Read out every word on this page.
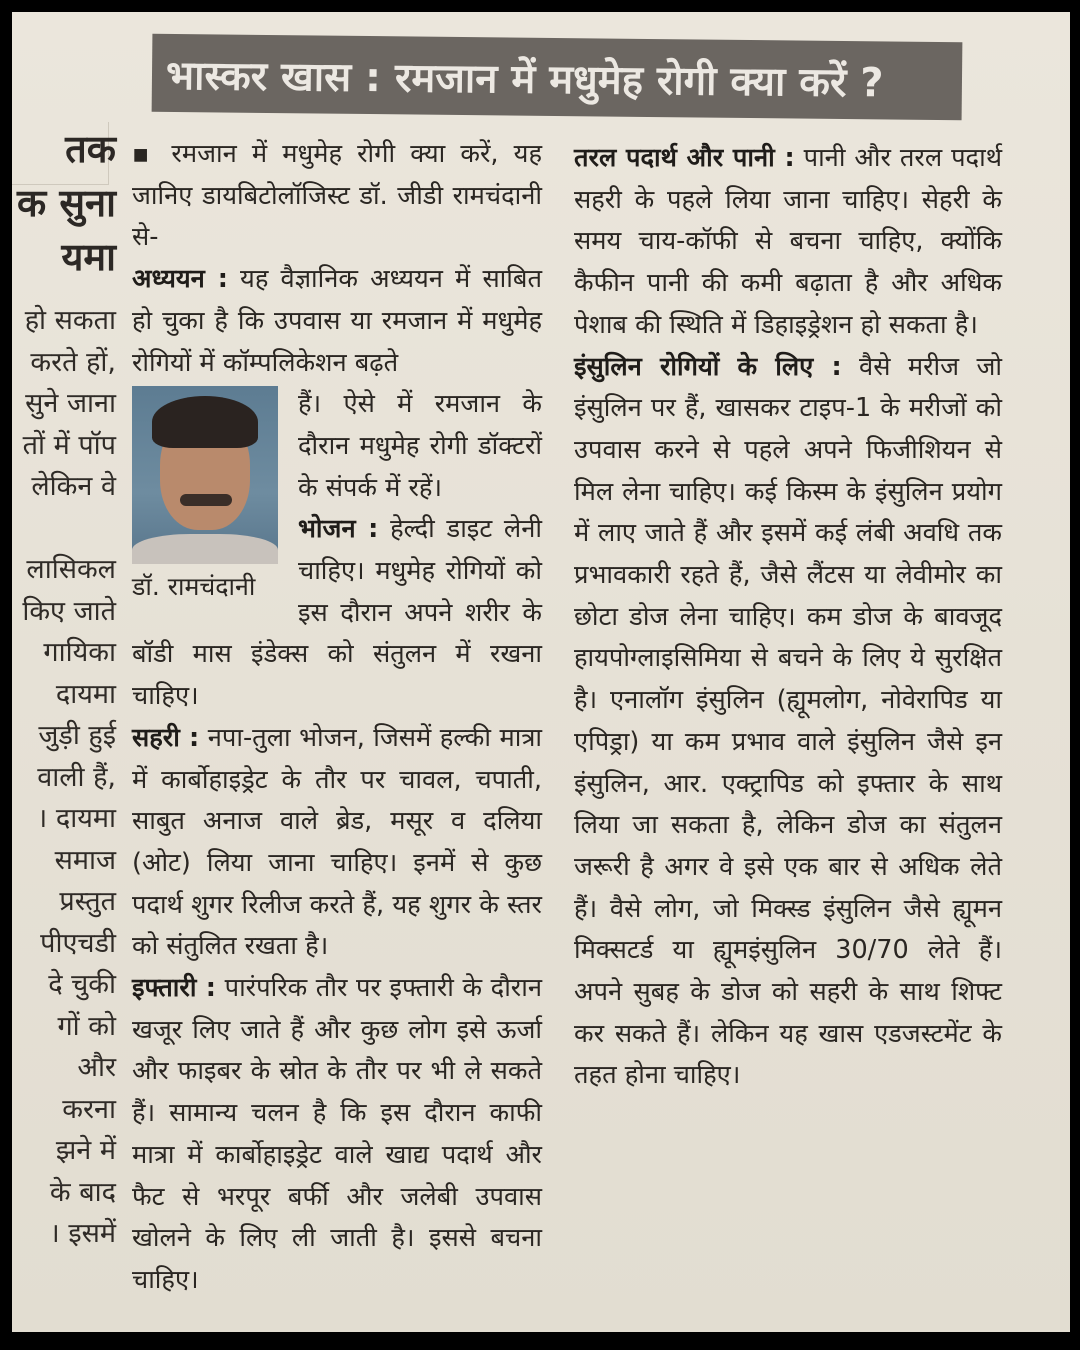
तक
क सुना
यमा
हो सकता
करते हों,
सुने जाना
तों में पॉप
लेकिन वे
लासिकल
किए जाते
गायिका
दायमा
जुड़ी हुई
वाली हैं,
। दायमा
समाज
प्रस्तुत
पीएचडी
दे चुकी
गों को
और
करना
झने में
के बाद
। इसमें
भास्कर खास : रमजान में मधुमेह रोगी क्या करें ?

▪ रमजान में मधुमेह रोगी क्या करें, यह जानिए डायबिटोलॉजिस्ट डॉ. जीडी रामचंदानी से-

अध्ययन : यह वैज्ञानिक अध्ययन में साबित हो चुका है कि उपवास या रमजान में मधुमेह रोगियों में कॉम्पलिकेशन बढ़ते

डॉ. रामचंदानी

हैं। ऐसे में रमजान के दौरान मधुमेह रोगी डॉक्टरों के संपर्क में रहें।

भोजन : हेल्दी डाइट लेनी चाहिए। मधुमेह रोगियों को इस दौरान अपने शरीर के बॉडी मास इंडेक्स को संतुलन में रखना चाहिए।

सहरी : नपा-तुला भोजन, जिसमें हल्की मात्रा में कार्बोहाइड्रेट के तौर पर चावल, चपाती, साबुत अनाज वाले ब्रेड, मसूर व दलिया (ओट) लिया जाना चाहिए। इनमें से कुछ पदार्थ शुगर रिलीज करते हैं, यह शुगर के स्तर को संतुलित रखता है।

इफ्तारी : पारंपरिक तौर पर इफ्तारी के दौरान खजूर लिए जाते हैं और कुछ लोग इसे ऊर्जा और फाइबर के स्रोत के तौर पर भी ले सकते हैं। सामान्य चलन है कि इस दौरान काफी मात्रा में कार्बोहाइड्रेट वाले खाद्य पदार्थ और फैट से भरपूर बर्फी और जलेबी उपवास खोलने के लिए ली जाती है। इससे बचना चाहिए।

तरल पदार्थ और पानी : पानी और तरल पदार्थ सहरी के पहले लिया जाना चाहिए। सेहरी के समय चाय-कॉफी से बचना चाहिए, क्योंकि कैफीन पानी की कमी बढ़ाता है और अधिक पेशाब की स्थिति में डिहाइड्रेशन हो सकता है।

इंसुलिन रोगियों के लिए : वैसे मरीज जो इंसुलिन पर हैं, खासकर टाइप-1 के मरीजों को उपवास करने से पहले अपने फिजीशियन से मिल लेना चाहिए। कई किस्म के इंसुलिन प्रयोग में लाए जाते हैं और इसमें कई लंबी अवधि तक प्रभावकारी रहते हैं, जैसे लैंटस या लेवीमोर का छोटा डोज लेना चाहिए। कम डोज के बावजूद हायपोग्लाइसिमिया से बचने के लिए ये सुरक्षित है। एनालॉग इंसुलिन (ह्यूमलोग, नोवेरापिड या एपिड्रा) या कम प्रभाव वाले इंसुलिन जैसे इन इंसुलिन, आर. एक्ट्रापिड को इफ्तार के साथ लिया जा सकता है, लेकिन डोज का संतुलन जरूरी है अगर वे इसे एक बार से अधिक लेते हैं। वैसे लोग, जो मिक्स्ड इंसुलिन जैसे ह्यूमन मिक्सटर्ड या ह्यूमइंसुलिन 30/70 लेते हैं। अपने सुबह के डोज को सहरी के साथ शिफ्ट कर सकते हैं। लेकिन यह खास एडजस्टमेंट के तहत होना चाहिए।
